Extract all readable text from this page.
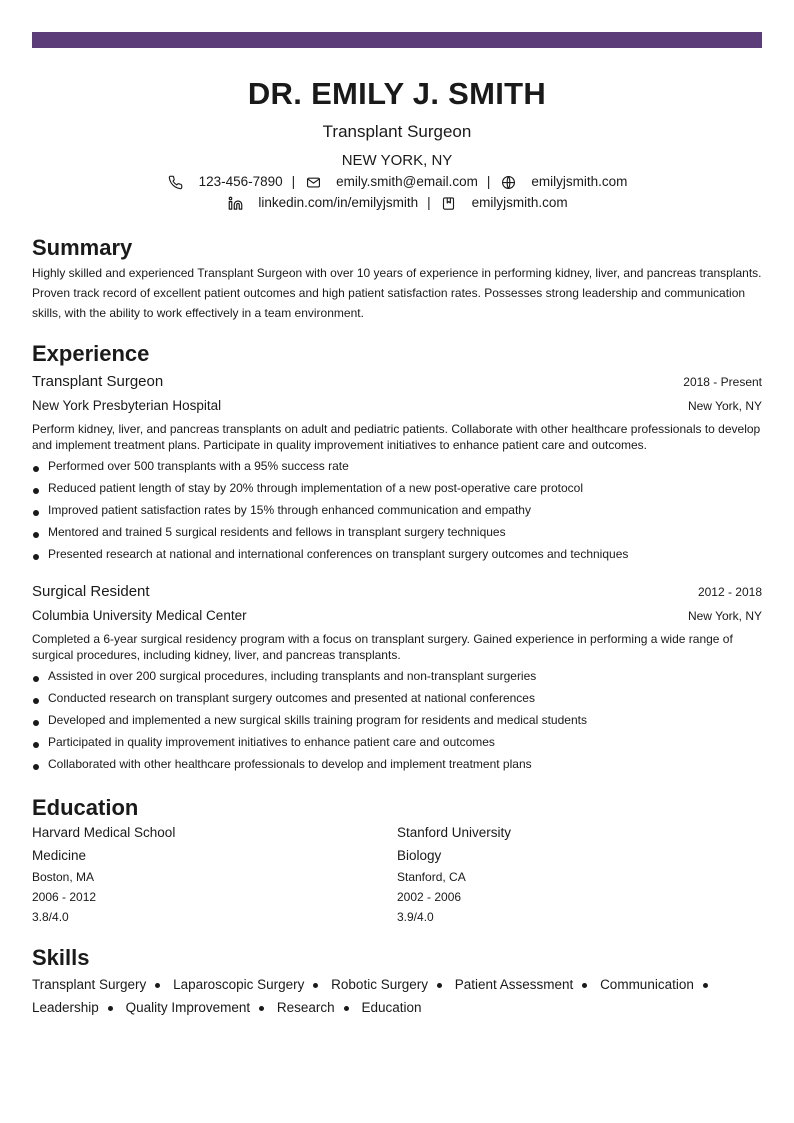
DR. EMILY J. SMITH
Transplant Surgeon
NEW YORK, NY
123-456-7890 |	emily.smith@email.com |	emilyjsmith.com
linkedin.com/in/emilyjsmith |	emilyjsmith.com
Summary
Highly skilled and experienced Transplant Surgeon with over 10 years of experience in performing kidney, liver, and pancreas transplants. Proven track record of excellent patient outcomes and high patient satisfaction rates. Possesses strong leadership and communication skills, with the ability to work effectively in a team environment.
Experience
Transplant Surgeon	2018 - Present
New York Presbyterian Hospital	New York, NY
Perform kidney, liver, and pancreas transplants on adult and pediatric patients. Collaborate with other healthcare professionals to develop and implement treatment plans. Participate in quality improvement initiatives to enhance patient care and outcomes.
Performed over 500 transplants with a 95% success rate
Reduced patient length of stay by 20% through implementation of a new post-operative care protocol
Improved patient satisfaction rates by 15% through enhanced communication and empathy
Mentored and trained 5 surgical residents and fellows in transplant surgery techniques
Presented research at national and international conferences on transplant surgery outcomes and techniques
Surgical Resident	2012 - 2018
Columbia University Medical Center	New York, NY
Completed a 6-year surgical residency program with a focus on transplant surgery. Gained experience in performing a wide range of surgical procedures, including kidney, liver, and pancreas transplants.
Assisted in over 200 surgical procedures, including transplants and non-transplant surgeries
Conducted research on transplant surgery outcomes and presented at national conferences
Developed and implemented a new surgical skills training program for residents and medical students
Participated in quality improvement initiatives to enhance patient care and outcomes
Collaborated with other healthcare professionals to develop and implement treatment plans
Education
Harvard Medical School
Medicine
Boston, MA
2006 - 2012
3.8/4.0
Stanford University
Biology
Stanford, CA
2002 - 2006
3.9/4.0
Skills
Transplant Surgery Laparoscopic Surgery Robotic Surgery Patient Assessment Communication
Leadership Quality Improvement Research Education
